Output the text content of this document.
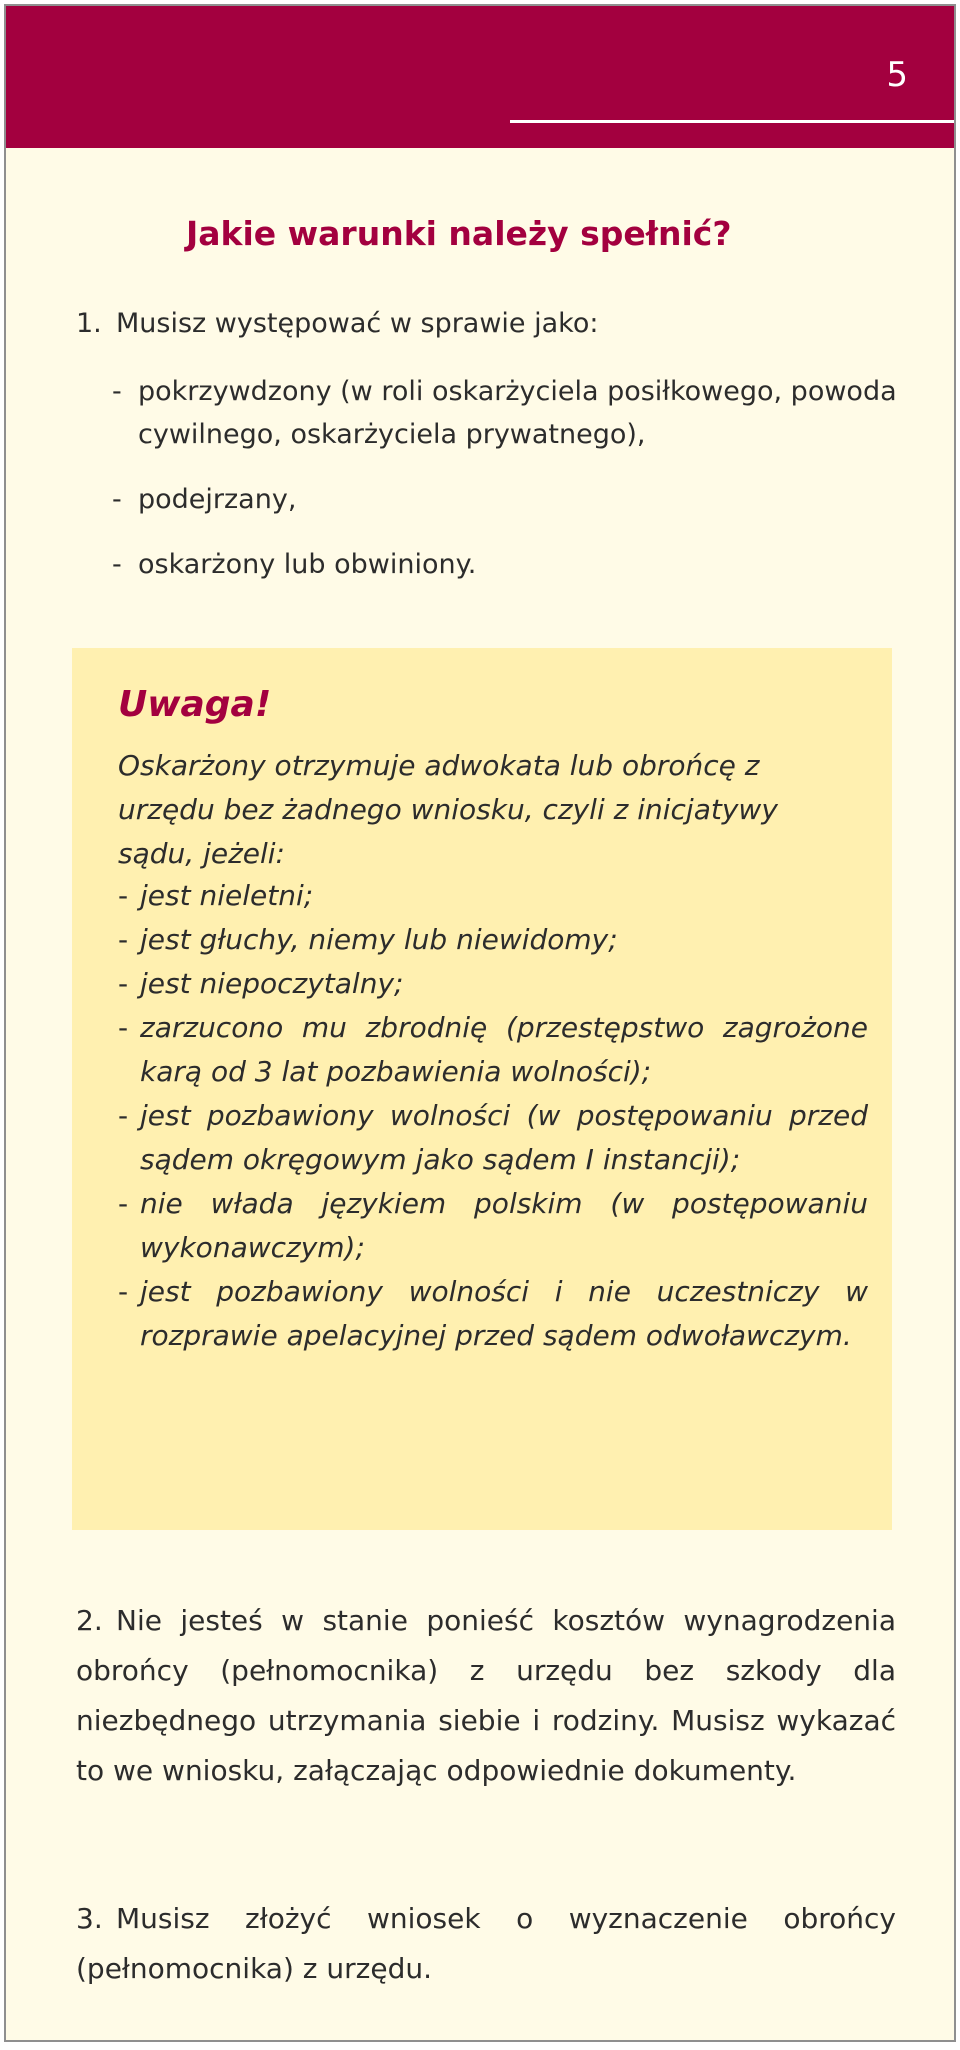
5
Jakie warunki należy spełnić?
1. Musisz występować w sprawie jako:
- pokrzywdzony (w roli oskarżyciela posiłkowego, powoda cywilnego, oskarżyciela prywatnego),
- podejrzany,
- oskarżony lub obwiniony.
Uwaga!
Oskarżony otrzymuje adwokata lub obrońcę z urzędu bez żadnego wniosku, czyli z inicjatywy sądu, jeżeli:
- jest nieletni;
- jest głuchy, niemy lub niewidomy;
- jest niepoczytalny;
- zarzucono mu zbrodnię (przestępstwo zagrożone karą od 3 lat pozbawienia wolności);
- jest pozbawiony wolności (w postępowaniu przed sądem okręgowym jako sądem I instancji);
- nie włada językiem polskim (w postępowaniu wykonawczym);
- jest pozbawiony wolności i nie uczestniczy w rozprawie apelacyjnej przed sądem odwoławczym.
2. Nie jesteś w stanie ponieść kosztów wynagrodzenia obrońcy (pełnomocnika) z urzędu bez szkody dla niezbędnego utrzymania siebie i rodziny. Musisz wykazać to we wniosku, załączając odpowiednie dokumenty.
3. Musisz złożyć wniosek o wyznaczenie obrońcy (pełnomocnika) z urzędu.
